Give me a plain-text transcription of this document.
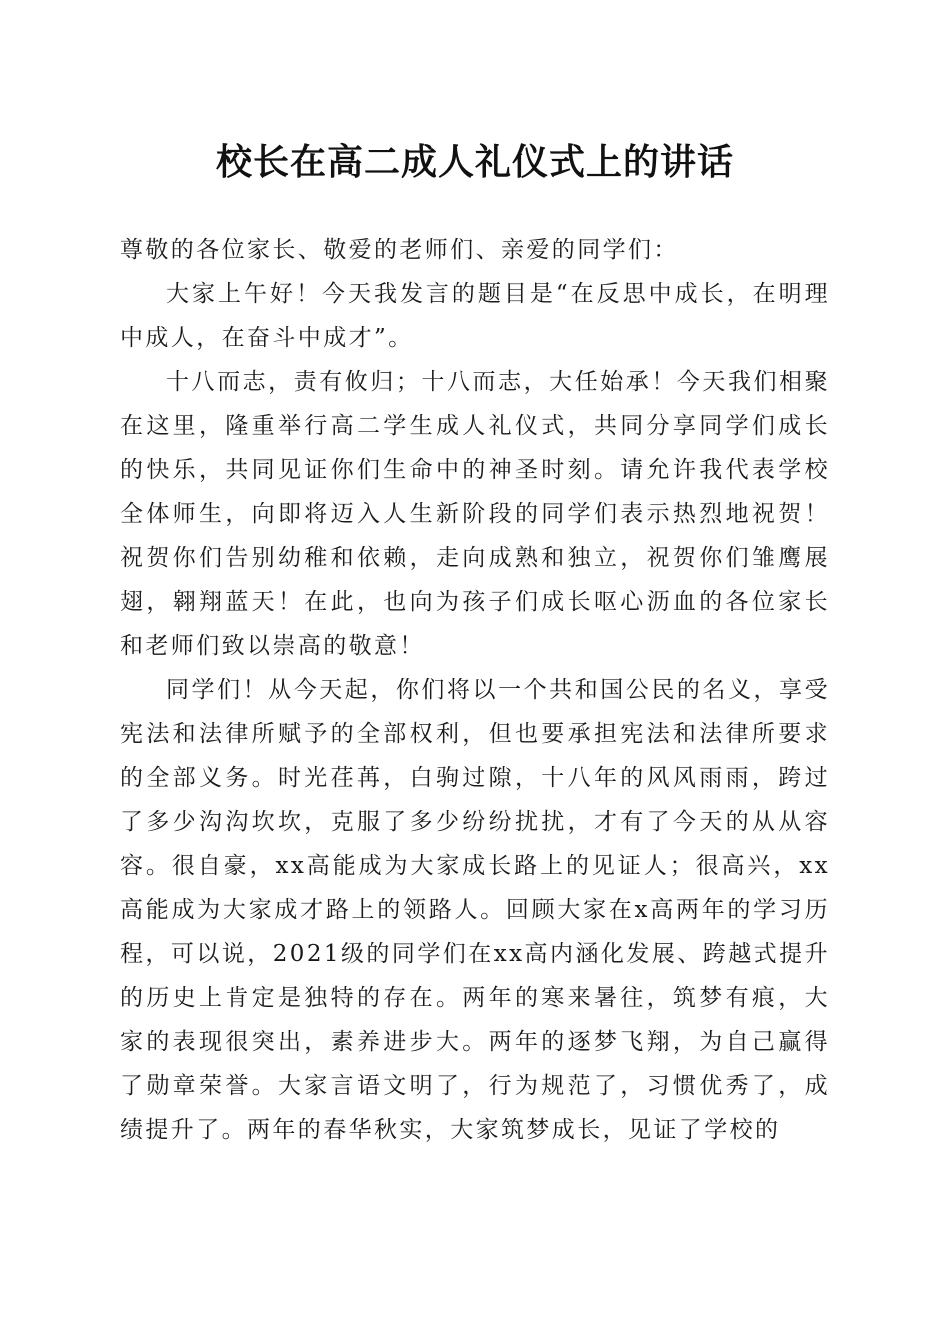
校长在高二成人礼仪式上的讲话

尊敬的各位家长、敬爱的老师们、亲爱的同学们：

大家上午好！今天我发言的题目是“在反思中成长，在明理中成人，在奋斗中成才”。

十八而志，责有攸归；十八而志，大任始承！今天我们相聚在这里，隆重举行高二学生成人礼仪式，共同分享同学们成长的快乐，共同见证你们生命中的神圣时刻。请允许我代表学校全体师生，向即将迈入人生新阶段的同学们表示热烈地祝贺！祝贺你们告别幼稚和依赖，走向成熟和独立，祝贺你们雏鹰展翅，翱翔蓝天！在此，也向为孩子们成长呕心沥血的各位家长和老师们致以崇高的敬意！

同学们！从今天起，你们将以一个共和国公民的名义，享受宪法和法律所赋予的全部权利，但也要承担宪法和法律所要求的全部义务。时光荏苒，白驹过隙，十八年的风风雨雨，跨过了多少沟沟坎坎，克服了多少纷纷扰扰，才有了今天的从从容容。很自豪，xx高能成为大家成长路上的见证人；很高兴，xx高能成为大家成才路上的领路人。回顾大家在x高两年的学习历程，可以说，2021级的同学们在xx高内涵化发展、跨越式提升的历史上肯定是独特的存在。两年的寒来暑往，筑梦有痕，大家的表现很突出，素养进步大。两年的逐梦飞翔，为自己赢得了勋章荣誉。大家言语文明了，行为规范了，习惯优秀了，成绩提升了。两年的春华秋实，大家筑梦成长，见证了学校的
